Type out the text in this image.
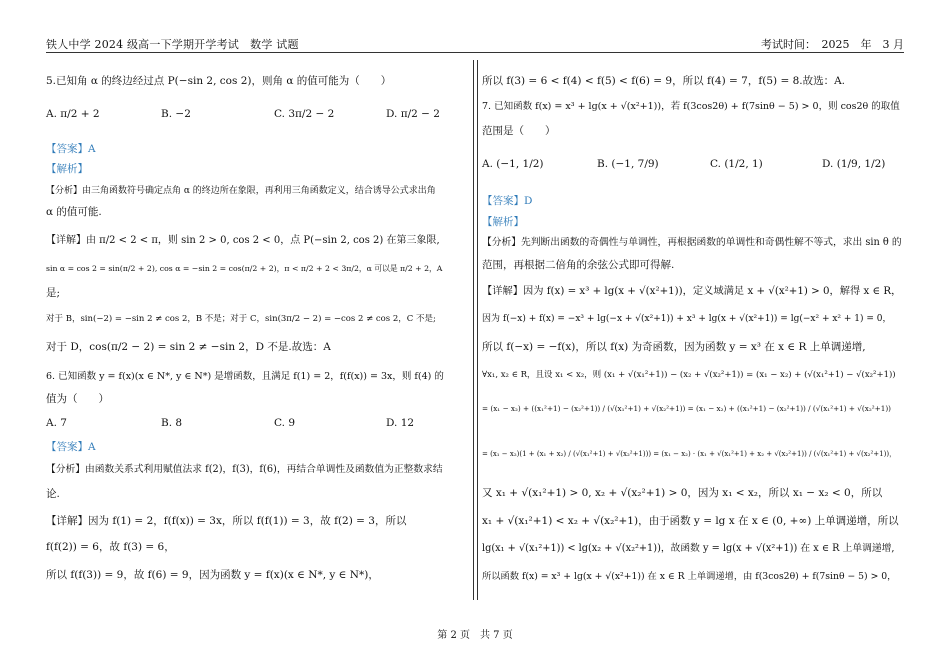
铁人中学 2024 级高一下学期开学考试　数学 试题	考试时间：　2025　年　3 月
5.已知角 α 的终边经过点 P(−sin 2, cos 2)，则角 α 的值可能为（　　）
A. π/2 + 2	B. −2	C. 3π/2 − 2	D. π/2 − 2
【答案】A
【解析】
【分析】由三角函数符号确定点角 α 的终边所在象限，再利用三角函数定义，结合诱导公式求出角
α 的值可能.
【详解】由 π/2 < 2 < π，则 sin 2 > 0, cos 2 < 0，点 P(−sin 2, cos 2) 在第三象限,
sin α = cos 2 = sin(π/2 + 2), cos α = −sin 2 = cos(π/2 + 2)，π < π/2 + 2 < 3π/2，α 可以是 π/2 + 2，A
是;
对于 B，sin(−2) = −sin 2 ≠ cos 2，B 不是；对于 C，sin(3π/2 − 2) = −cos 2 ≠ cos 2，C 不是;
对于 D，cos(π/2 − 2) = sin 2 ≠ −sin 2，D 不是.故选：A
6. 已知函数 y = f(x)(x ∈ N*, y ∈ N*) 是增函数，且满足 f(1) = 2，f(f(x)) = 3x，则 f(4) 的
值为（　　）
A. 7	B. 8	C. 9	D. 12
【答案】A
【分析】由函数关系式利用赋值法求 f(2)，f(3)，f(6)，再结合单调性及函数值为正整数求结
论.
【详解】因为 f(1) = 2，f(f(x)) = 3x，所以 f(f(1)) = 3，故 f(2) = 3，所以
f(f(2)) = 6，故 f(3) = 6，
所以 f(f(3)) = 9，故 f(6) = 9，因为函数 y = f(x)(x ∈ N*, y ∈ N*)，
所以 f(3) = 6 < f(4) < f(5) < f(6) = 9，所以 f(4) = 7，f(5) = 8.故选：A.
7. 已知函数 f(x) = x³ + lg(x + √(x²+1))，若 f(3cos2θ) + f(7sinθ − 5) > 0，则 cos2θ 的取值
范围是（　　）
A. (−1, 1/2)	B. (−1, 7/9)	C. (1/2, 1)	D. (1/9, 1/2)
【答案】D
【解析】
【分析】先判断出函数的奇偶性与单调性，再根据函数的单调性和奇偶性解不等式，求出 sin θ 的
范围，再根据二倍角的余弦公式即可得解.
【详解】因为 f(x) = x³ + lg(x + √(x²+1))，定义域满足 x + √(x²+1) > 0，解得 x ∈ R，
因为 f(−x) + f(x) = −x³ + lg(−x + √(x²+1)) + x³ + lg(x + √(x²+1)) = lg(−x² + x² + 1) = 0，
所以 f(−x) = −f(x)，所以 f(x) 为奇函数，因为函数 y = x³ 在 x ∈ R 上单调递增,
∀x₁, x₂ ∈ R，且设 x₁ < x₂，则 (x₁ + √(x₁²+1)) − (x₂ + √(x₂²+1)) = (x₁ − x₂) + (√(x₁²+1) − √(x₂²+1))
= (x₁ − x₂) + ((x₁²+1) − (x₂²+1)) / (√(x₁²+1) + √(x₂²+1)) = (x₁ − x₂) + ((x₁²+1) − (x₂²+1)) / (√(x₁²+1) + √(x₂²+1))
= (x₁ − x₂)(1 + (x₁ + x₂) / (√(x₁²+1) + √(x₂²+1))) = (x₁ − x₂) · (x₁ + √(x₁²+1) + x₂ + √(x₂²+1)) / (√(x₁²+1) + √(x₂²+1))，
又 x₁ + √(x₁²+1) > 0, x₂ + √(x₂²+1) > 0，因为 x₁ < x₂，所以 x₁ − x₂ < 0，所以
x₁ + √(x₁²+1) < x₂ + √(x₂²+1)，由于函数 y = lg x 在 x ∈ (0, +∞) 上单调递增，所以
lg(x₁ + √(x₁²+1)) < lg(x₂ + √(x₂²+1))，故函数 y = lg(x + √(x²+1)) 在 x ∈ R 上单调递增,
所以函数 f(x) = x³ + lg(x + √(x²+1)) 在 x ∈ R 上单调递增，由 f(3cos2θ) + f(7sinθ − 5) > 0，
第 2 页　共 7 页
